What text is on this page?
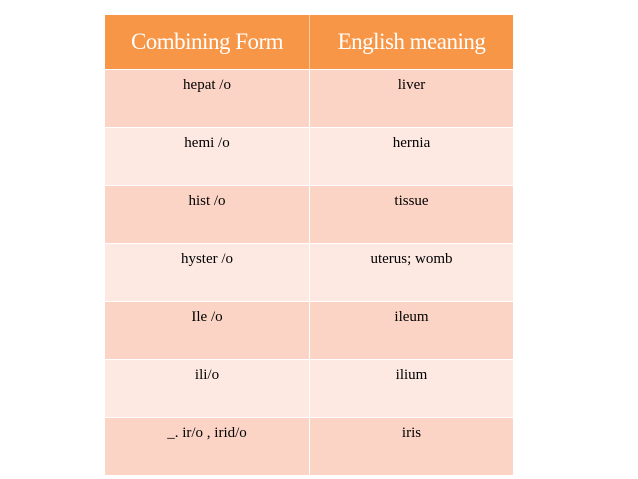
Combining Form	English meaning
hepat /o	liver
hemi /o	hernia
hist /o	tissue
hyster /o	uterus; womb
Ile /o	ileum
ili/o	ilium
_. ir/o , irid/o	iris
